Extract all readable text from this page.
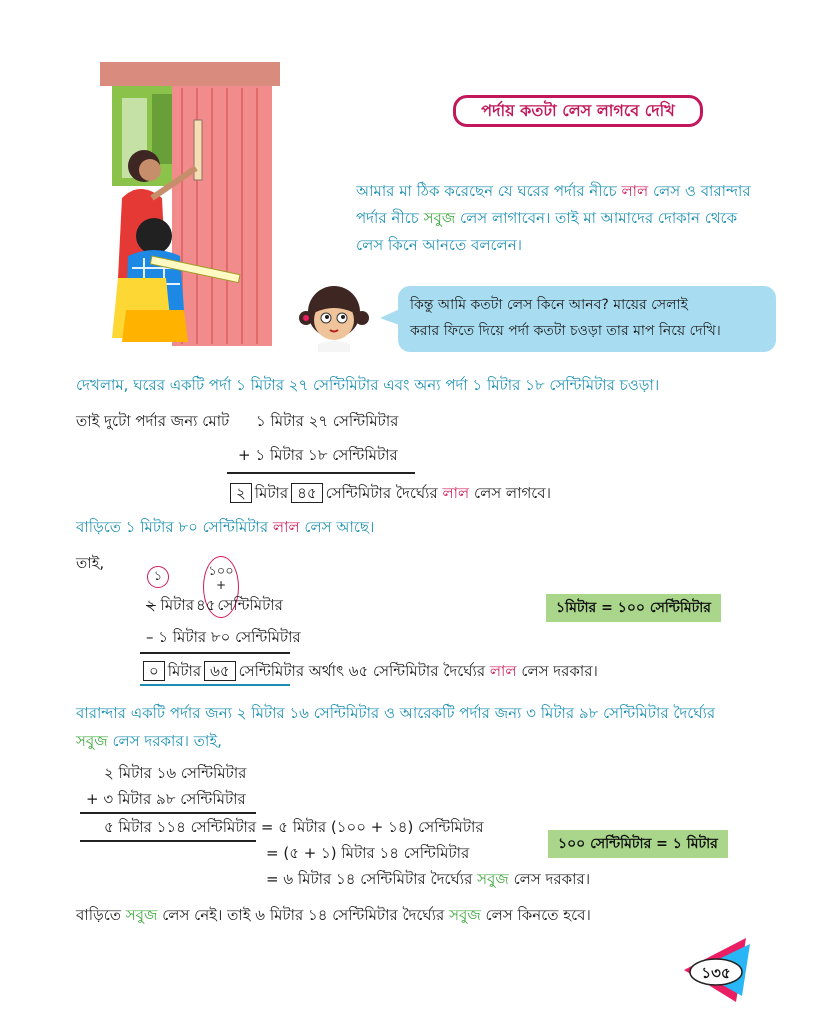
পর্দায় কতটা লেস লাগবে দেখি
আমার মা ঠিক করেছেন যে ঘরের পর্দার নীচে লাল লেস ও বারান্দার
পর্দার নীচে সবুজ লেস লাগাবেন। তাই মা আমাদের দোকান থেকে
লেস কিনে আনতে বললেন।
কিন্তু আমি কতটা লেস কিনে আনব? মায়ের সেলাই
করার ফিতে দিয়ে পর্দা কতটা চওড়া তার মাপ নিয়ে দেখি।
দেখলাম, ঘরের একটি পর্দা ১ মিটার ২৭ সেন্টিমিটার এবং অন্য পর্দা ১ মিটার ১৮ সেন্টিমিটার চওড়া।
তাই দুটো পর্দার জন্য মোট ১ মিটার ২৭ সেন্টিমিটার
+ ১ মিটার ১৮ সেন্টিমিটার
২ মিটার ৪৫ সেন্টিমিটার দৈর্ঘ্যের লাল লেস লাগবে।
বাড়িতে ১ মিটার ৮০ সেন্টিমিটার লাল লেস আছে।
তাই,
১	১০০
+
২ মিটার ৪৫ সেন্টিমিটার
– ১ মিটার ৮০ সেন্টিমিটার
০ মিটার ৬৫ সেন্টিমিটার অর্থাৎ ৬৫ সেন্টিমিটার দৈর্ঘ্যের লাল লেস দরকার।
১মিটার = ১০০ সেন্টিমিটার
বারান্দার একটি পর্দার জন্য ২ মিটার ১৬ সেন্টিমিটার ও আরেকটি পর্দার জন্য ৩ মিটার ৯৮ সেন্টিমিটার দৈর্ঘ্যের
সবুজ লেস দরকার। তাই,
২ মিটার ১৬ সেন্টিমিটার
+ ৩ মিটার ৯৮ সেন্টিমিটার
৫ মিটার ১১৪ সেন্টিমিটার = ৫ মিটার (১০০ + ১৪) সেন্টিমিটার
= (৫ + ১) মিটার ১৪ সেন্টিমিটার
= ৬ মিটার ১৪ সেন্টিমিটার দৈর্ঘ্যের সবুজ লেস দরকার।
১০০ সেন্টিমিটার = ১ মিটার
বাড়িতে সবুজ লেস নেই। তাই ৬ মিটার ১৪ সেন্টিমিটার দৈর্ঘ্যের সবুজ লেস কিনতে হবে।
১৩৫
